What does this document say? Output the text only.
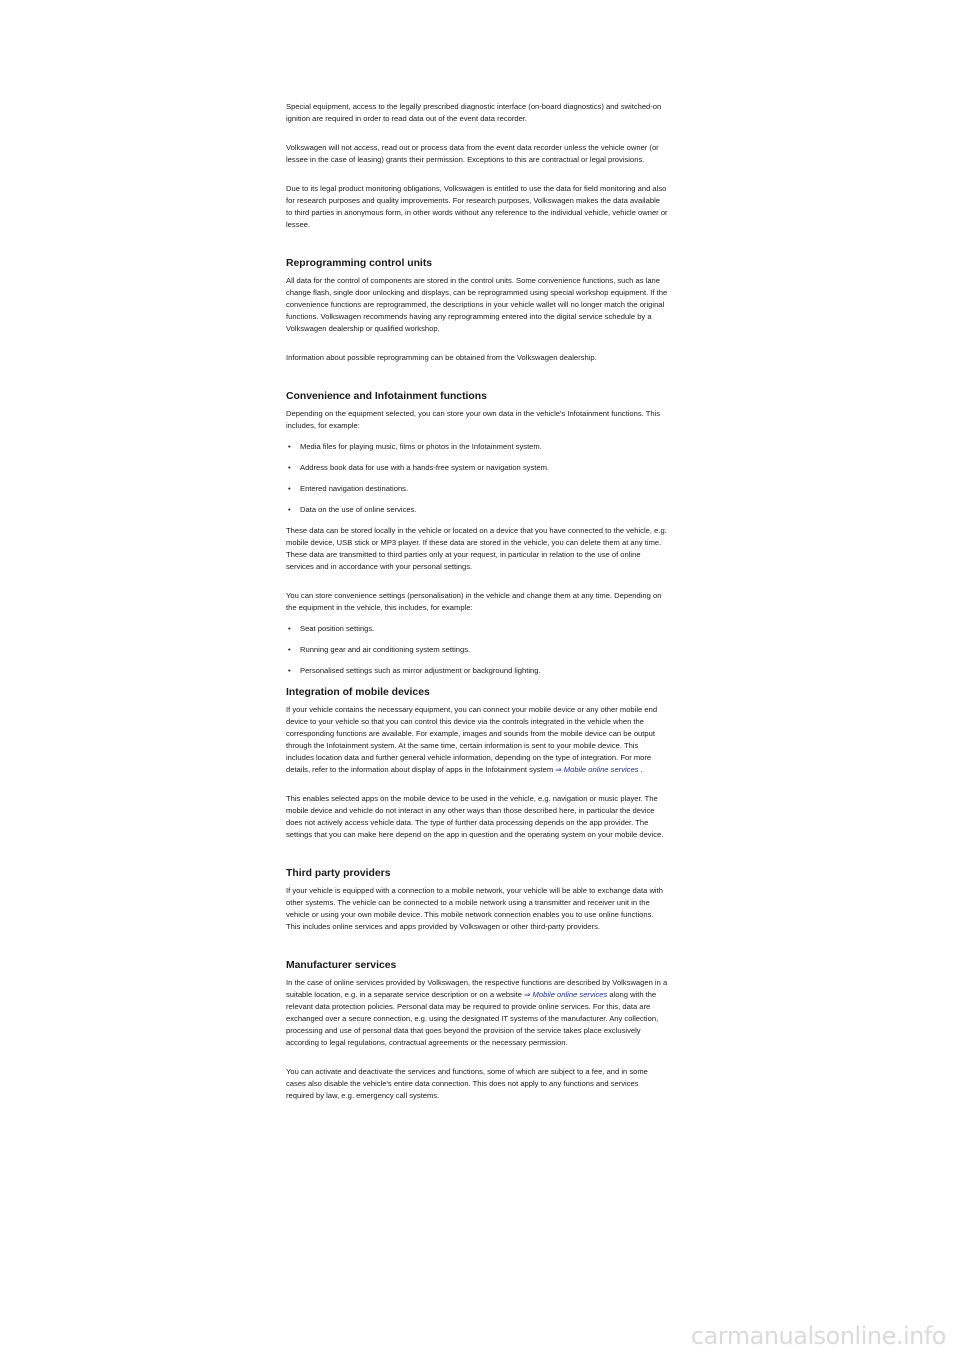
Special equipment, access to the legally prescribed diagnostic interface (on-board diagnostics) and switched-on ignition are required in order to read data out of the event data recorder.

Volkswagen will not access, read out or process data from the event data recorder unless the vehicle owner (or lessee in the case of leasing) grants their permission. Exceptions to this are contractual or legal provisions.

Due to its legal product monitoring obligations, Volkswagen is entitled to use the data for field monitoring and also for research purposes and quality improvements. For research purposes, Volkswagen makes the data available to third parties in anonymous form, in other words without any reference to the individual vehicle, vehicle owner or lessee.

Reprogramming control units

All data for the control of components are stored in the control units. Some convenience functions, such as lane change flash, single door unlocking and displays, can be reprogrammed using special workshop equipment. If the convenience functions are reprogrammed, the descriptions in your vehicle wallet will no longer match the original functions. Volkswagen recommends having any reprogramming entered into the digital service schedule by a Volkswagen dealership or qualified workshop.

Information about possible reprogramming can be obtained from the Volkswagen dealership.

Convenience and Infotainment functions

Depending on the equipment selected, you can store your own data in the vehicle's Infotainment functions. This includes, for example:

• Media files for playing music, films or photos in the Infotainment system.
• Address book data for use with a hands-free system or navigation system.
• Entered navigation destinations.
• Data on the use of online services.

These data can be stored locally in the vehicle or located on a device that you have connected to the vehicle, e.g. mobile device, USB stick or MP3 player. If these data are stored in the vehicle, you can delete them at any time. These data are transmitted to third parties only at your request, in particular in relation to the use of online services and in accordance with your personal settings.

You can store convenience settings (personalisation) in the vehicle and change them at any time. Depending on the equipment in the vehicle, this includes, for example:

• Seat position settings.
• Running gear and air conditioning system settings.
• Personalised settings such as mirror adjustment or background lighting.
Integration of mobile devices

If your vehicle contains the necessary equipment, you can connect your mobile device or any other mobile end device to your vehicle so that you can control this device via the controls integrated in the vehicle when the corresponding functions are available. For example, images and sounds from the mobile device can be output through the Infotainment system. At the same time, certain information is sent to your mobile device. This includes location data and further general vehicle information, depending on the type of integration. For more details, refer to the information about display of apps in the Infotainment system ⇒ Mobile online services .

This enables selected apps on the mobile device to be used in the vehicle, e.g. navigation or music player. The mobile device and vehicle do not interact in any other ways than those described here, in particular the device does not actively access vehicle data. The type of further data processing depends on the app provider. The settings that you can make here depend on the app in question and the operating system on your mobile device.

Third party providers

If your vehicle is equipped with a connection to a mobile network, your vehicle will be able to exchange data with other systems. The vehicle can be connected to a mobile network using a transmitter and receiver unit in the vehicle or using your own mobile device. This mobile network connection enables you to use online functions. This includes online services and apps provided by Volkswagen or other third-party providers.

Manufacturer services

In the case of online services provided by Volkswagen, the respective functions are described by Volkswagen in a suitable location, e.g. in a separate service description or on a website ⇒ Mobile online services along with the relevant data protection policies. Personal data may be required to provide online services. For this, data are exchanged over a secure connection, e.g. using the designated IT systems of the manufacturer. Any collection, processing and use of personal data that goes beyond the provision of the service takes place exclusively according to legal regulations, contractual agreements or the necessary permission.

You can activate and deactivate the services and functions, some of which are subject to a fee, and in some cases also disable the vehicle's entire data connection. This does not apply to any functions and services required by law, e.g. emergency call systems.

carmanualsonline.info
